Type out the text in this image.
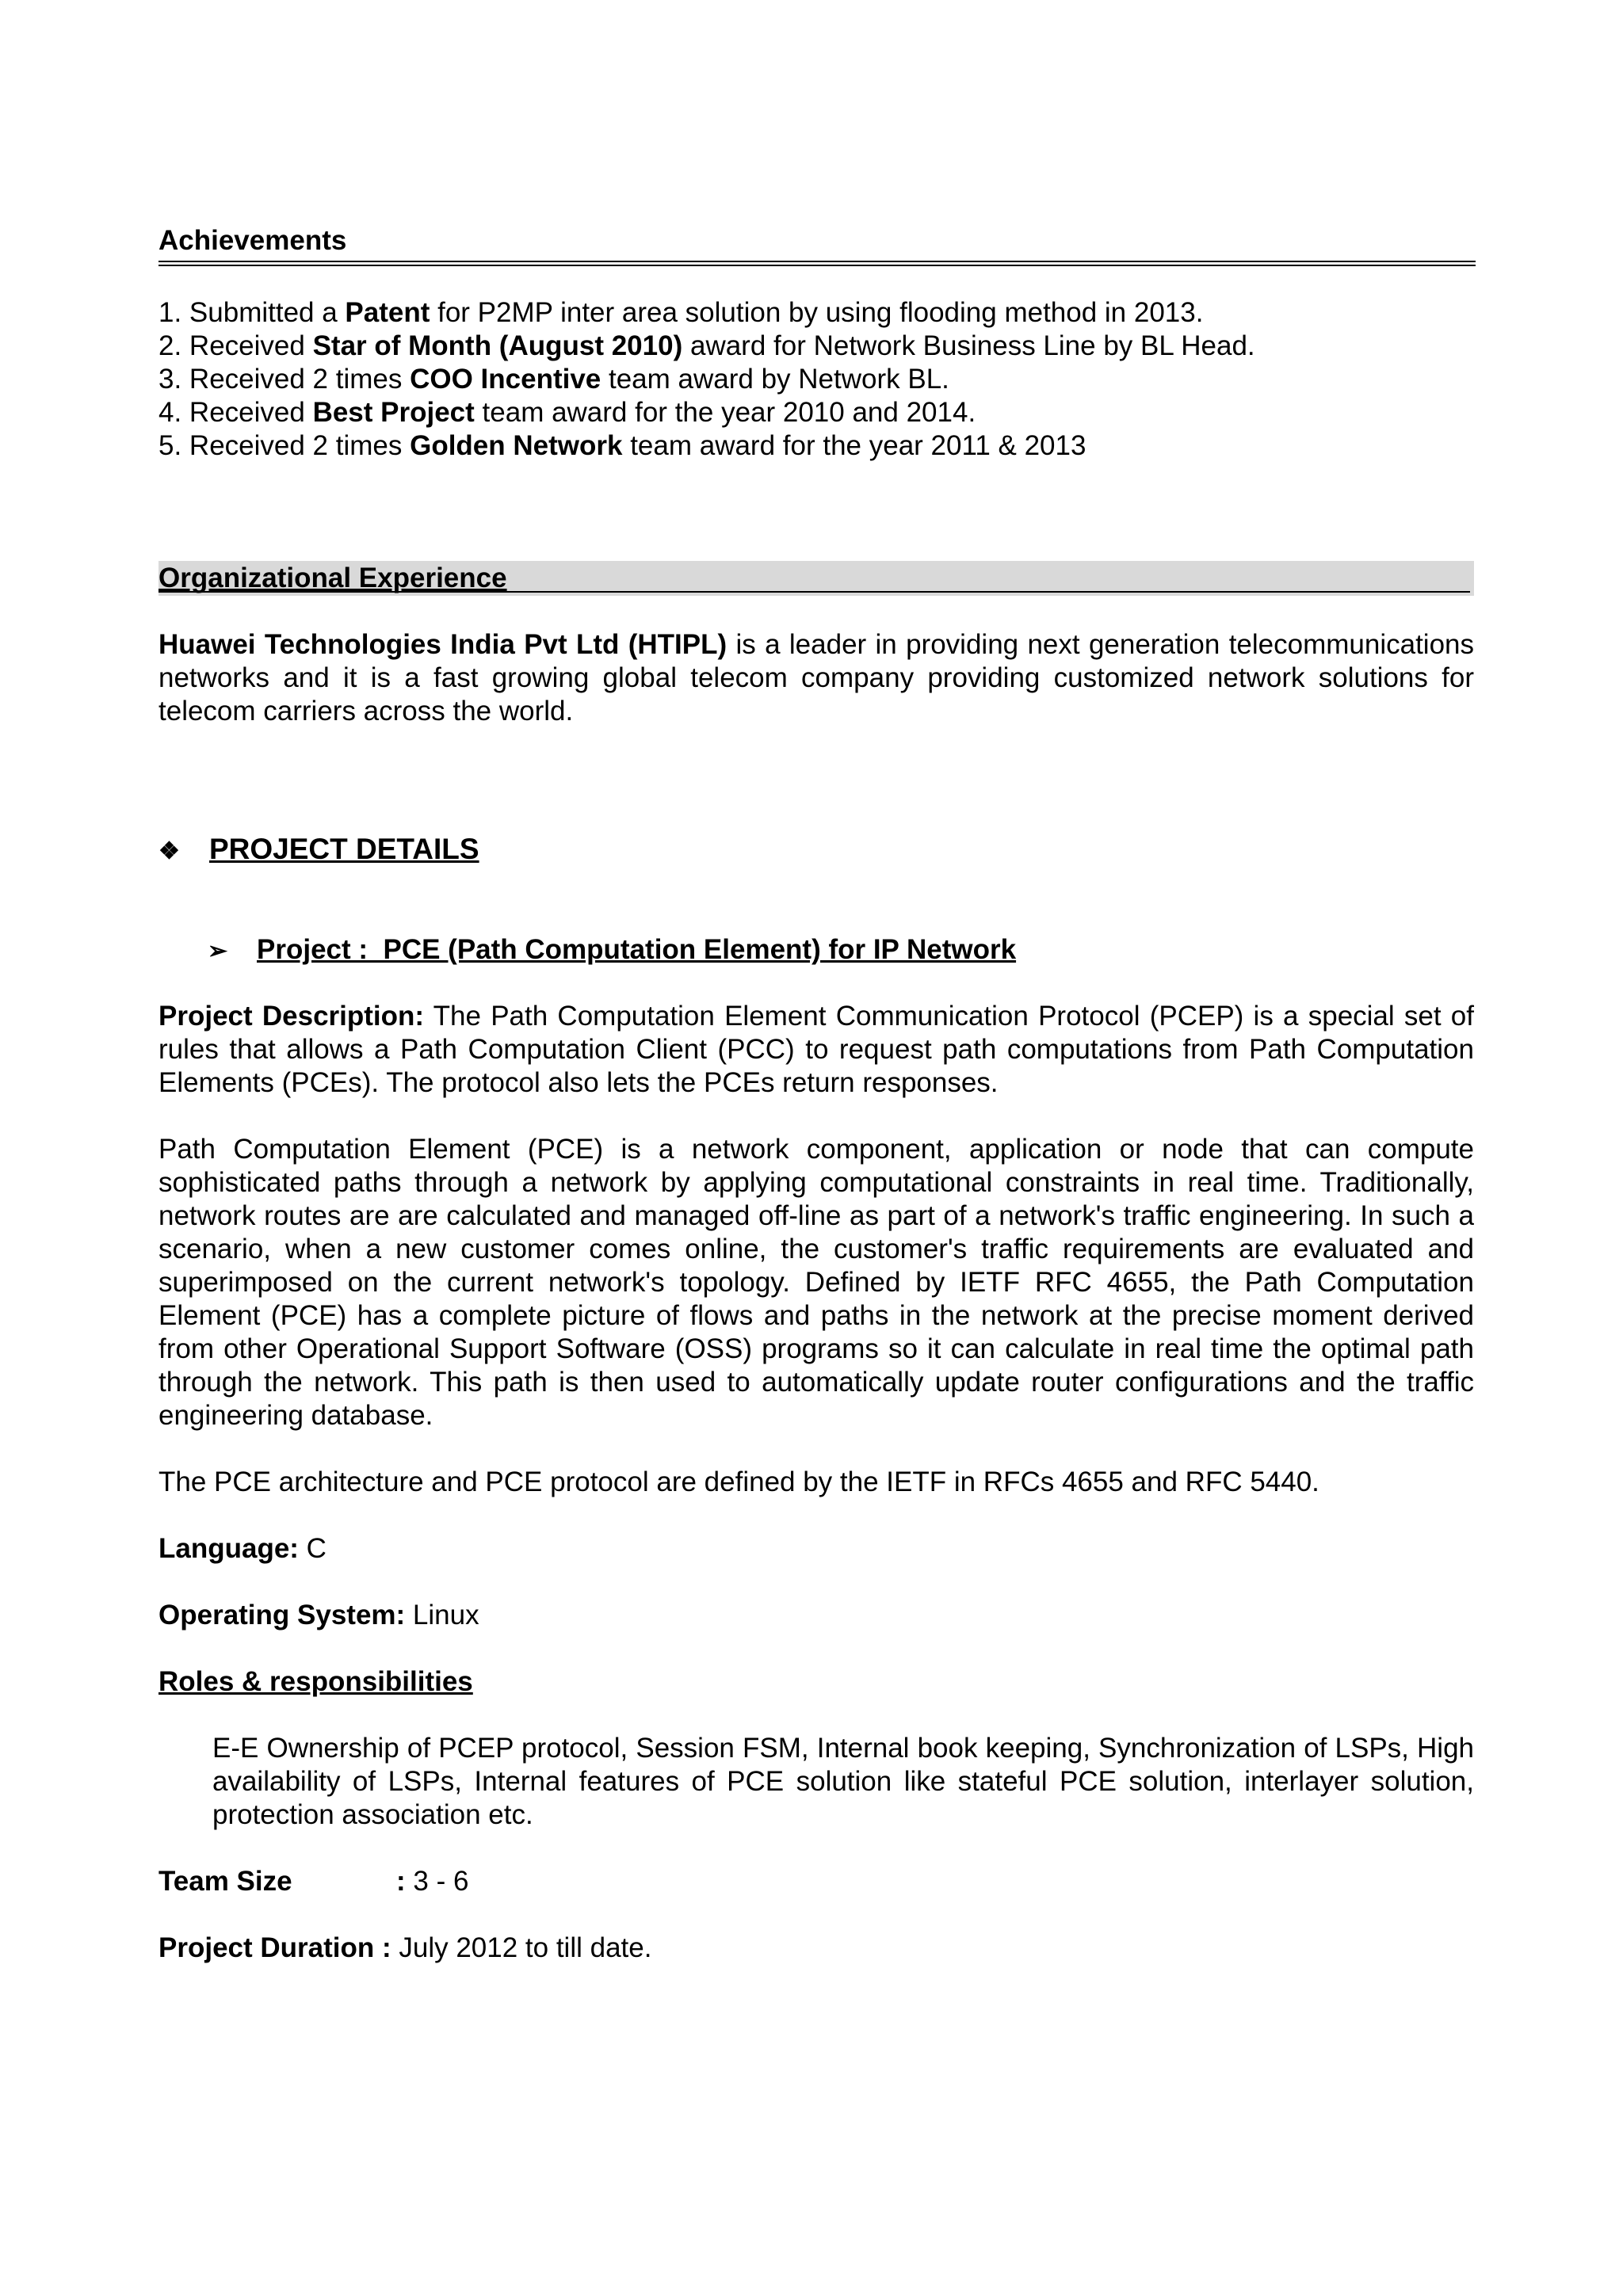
Achievements
1. Submitted a Patent for P2MP inter area solution by using flooding method in 2013.
2. Received Star of Month (August 2010) award for Network Business Line by BL Head.
3. Received 2 times COO Incentive team award by Network BL.
4. Received Best Project team award for the year 2010 and 2014.
5. Received 2 times Golden Network team award for the year 2011 & 2013
Organizational Experience
Huawei Technologies India Pvt Ltd (HTIPL) is a leader in providing next generation telecommunications networks and it is a fast growing global telecom company providing customized network solutions for telecom carriers across the world.
❖ PROJECT DETAILS
➢ Project :  PCE (Path Computation Element) for IP Network
Project Description: The Path Computation Element Communication Protocol (PCEP) is a special set of rules that allows a Path Computation Client (PCC) to request path computations from Path Computation Elements (PCEs). The protocol also lets the PCEs return responses.
Path Computation Element (PCE) is a network component, application or node that can compute sophisticated paths through a network by applying computational constraints in real time. Traditionally, network routes are are calculated and managed off-line as part of a network's traffic engineering. In such a scenario, when a new customer comes online, the customer's traffic requirements are evaluated and superimposed on the current network's topology. Defined by IETF RFC 4655, the Path Computation Element (PCE) has a complete picture of flows and paths in the network at the precise moment derived from other Operational Support Software (OSS) programs so it can calculate in real time the optimal path through the network. This path is then used to automatically update router configurations and the traffic engineering database.
The PCE architecture and PCE protocol are defined by the IETF in RFCs 4655 and RFC 5440.
Language: C
Operating System: Linux
Roles & responsibilities
E-E Ownership of PCEP protocol, Session FSM, Internal book keeping, Synchronization of LSPs, High availability of LSPs, Internal features of PCE solution like stateful PCE solution, interlayer solution, protection association etc.
Team Size	: 3 - 6
Project Duration : July 2012 to till date.
